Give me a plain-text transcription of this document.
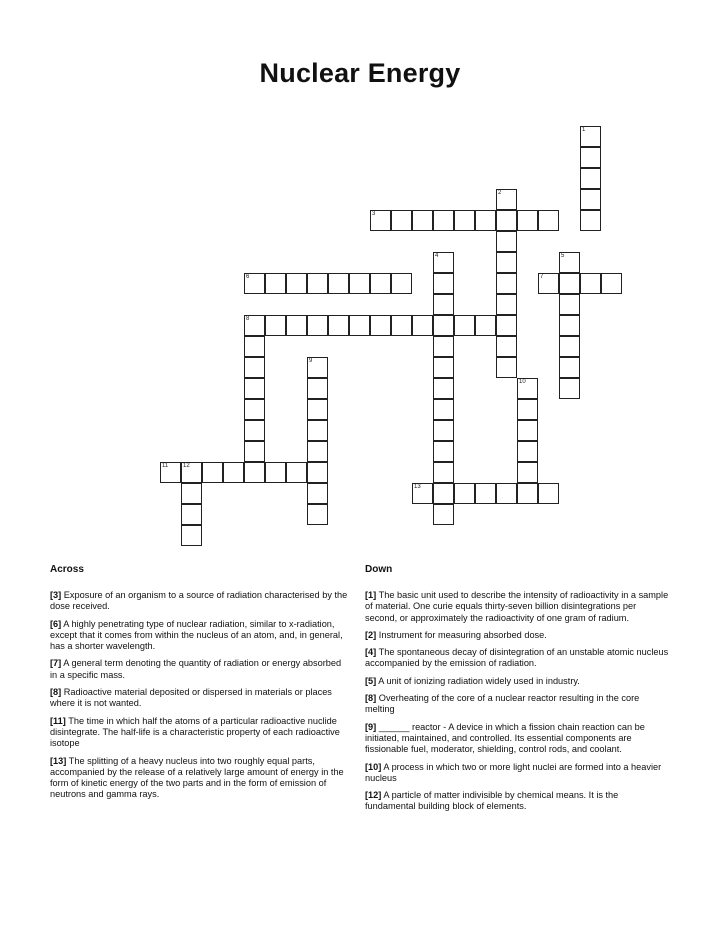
Nuclear Energy
1
2
3
4	5
6	7
8
9
10
11 12
13
Across	Down
[3] Exposure of an organism to a source of radiation characterised by the dose received.
[6] A highly penetrating type of nuclear radiation, similar to x-radiation, except that it comes from within the nucleus of an atom, and, in general, has a shorter wavelength.
[7] A general term denoting the quantity of radiation or energy absorbed in a specific mass.
[8] Radioactive material deposited or dispersed in materials or places where it is not wanted.
[11] The time in which half the atoms of a particular radioactive nuclide disintegrate. The half-life is a characteristic property of each radioactive isotope
[13] The splitting of a heavy nucleus into two roughly equal parts, accompanied by the release of a relatively large amount of energy in the form of kinetic energy of the two parts and in the form of emission of neutrons and gamma rays.
[1] The basic unit used to describe the intensity of radioactivity in a sample of material. One curie equals thirty-seven billion disintegrations per second, or approximately the radioactivity of one gram of radium.
[2] Instrument for measuring absorbed dose.
[4] The spontaneous decay of disintegration of an unstable atomic nucleus accompanied by the emission of radiation.
[5] A unit of ionizing radiation widely used in industry.
[8] Overheating of the core of a nuclear reactor resulting in the core melting
[9] ______ reactor - A device in which a fission chain reaction can be initiated, maintained, and controlled. Its essential components are fissionable fuel, moderator, shielding, control rods, and coolant.
[10] A process in which two or more light nuclei are formed into a heavier nucleus
[12] A particle of matter indivisible by chemical means. It is the fundamental building block of elements.
